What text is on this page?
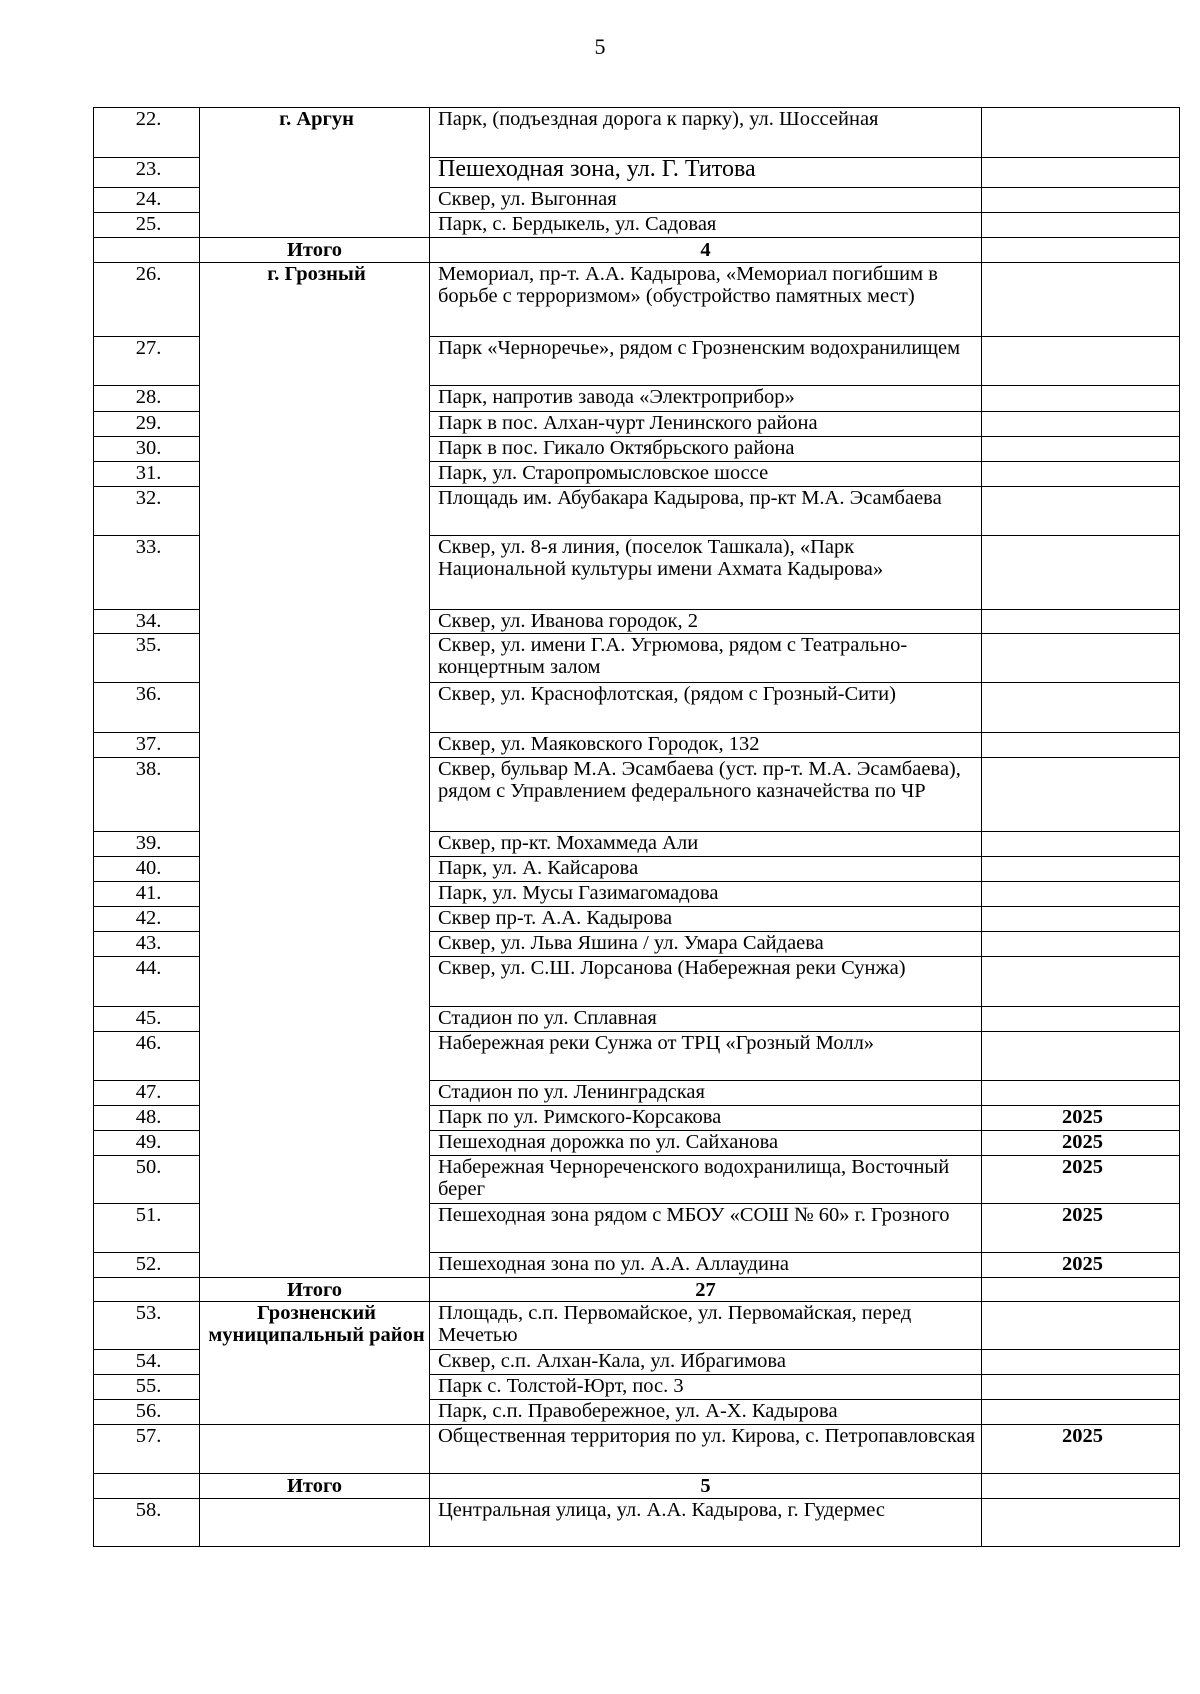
5
22.	г. Аргун	Парк, (подъездная дорога к парку), ул. Шоссейная	
23.		Пешеходная зона, ул. Г. Титова	
24.		Сквер, ул. Выгонная	
25.		Парк, с. Бердыкель, ул. Садовая	
	Итого	4	
26.	г. Грозный	Мемориал, пр-т. А.А. Кадырова, «Мемориал погибшим в борьбе с терроризмом» (обустройство памятных мест)	
27.		Парк «Черноречье», рядом с Грозненским водохранилищем	
28.		Парк, напротив завода «Электроприбор»	
29.		Парк в пос. Алхан-чурт Ленинского района	
30.		Парк в пос. Гикало Октябрьского района	
31.		Парк, ул. Старопромысловское шоссе	
32.		Площадь им. Абубакара Кадырова, пр-кт М.А. Эсамбаева	
33.		Сквер, ул. 8-я линия, (поселок Ташкала), «Парк Национальной культуры имени Ахмата Кадырова»	
34.		Сквер, ул. Иванова городок, 2	
35.		Сквер, ул. имени Г.А. Угрюмова, рядом с Театрально-концертным залом	
36.		Сквер, ул. Краснофлотская, (рядом с Грозный-Сити)	
37.		Сквер, ул. Маяковского Городок, 132	
38.		Сквер, бульвар М.А. Эсамбаева (уст. пр-т. М.А. Эсамбаева), рядом с Управлением федерального казначейства по ЧР	
39.		Сквер, пр-кт. Мохаммеда Али	
40.		Парк, ул. А. Кайсарова	
41.		Парк, ул. Мусы Газимагомадова	
42.		Сквер пр-т. А.А. Кадырова	
43.		Сквер, ул. Льва Яшина / ул. Умара Сайдаева	
44.		Сквер, ул. С.Ш. Лорсанова (Набережная реки Сунжа)	
45.		Стадион по ул. Сплавная	
46.		Набережная реки Сунжа от ТРЦ «Грозный Молл»	
47.		Стадион по ул. Ленинградская	
48.		Парк по ул. Римского-Корсакова	2025
49.		Пешеходная дорожка по ул. Сайханова	2025
50.		Набережная Чернореченского водохранилища, Восточный берег	2025
51.		Пешеходная зона рядом с МБОУ «СОШ № 60» г. Грозного	2025
52.		Пешеходная зона по ул. А.А. Аллаудина	2025
	Итого	27	
53.	Грозненский муниципальный район	Площадь, с.п. Первомайское, ул. Первомайская, перед Мечетью	
54.		Сквер, с.п. Алхан-Кала, ул. Ибрагимова	
55.		Парк с. Толстой-Юрт, пос. 3	
56.		Парк, с.п. Правобережное, ул. А-Х. Кадырова	
57.		Общественная территория по ул. Кирова, с. Петропавловская	2025
	Итого	5	
58.		Центральная улица, ул. А.А. Кадырова, г. Гудермес	
